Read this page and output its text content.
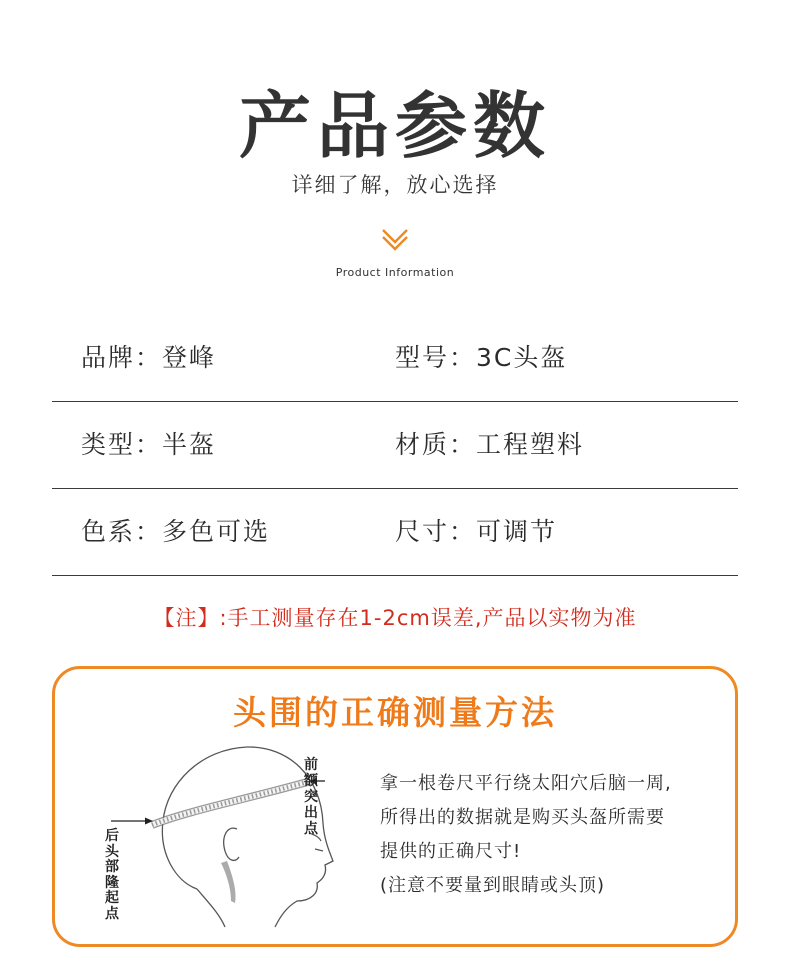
产品参数
详细了解，放心选择
Product Information
品牌：登峰	型号：3C头盔
类型：半盔	材质：工程塑料
色系：多色可选	尺寸：可调节
【注】:手工测量存在1-2cm误差,产品以实物为准
头围的正确测量方法
前额突出点
后头部隆起点
拿一根卷尺平行绕太阳穴后脑一周,
所得出的数据就是购买头盔所需要
提供的正确尺寸!
(注意不要量到眼睛或头顶)
